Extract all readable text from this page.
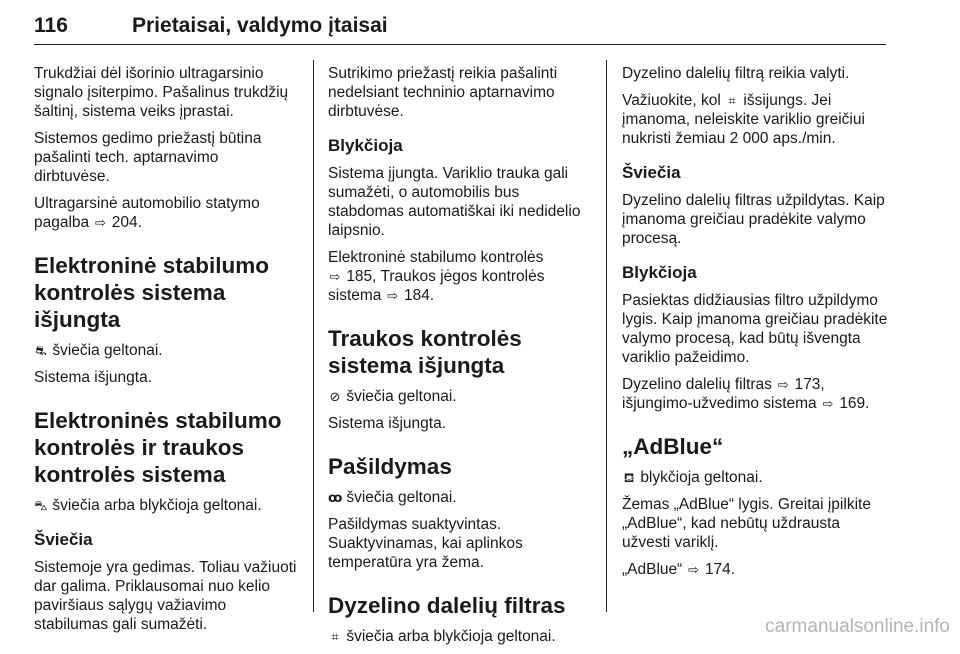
116	Prietaisai, valdymo įtaisai

Trukdžiai dėl išorinio ultragarsinio signalo įsiterpimo. Pašalinus trukdžių šaltinį, sistema veiks įprastai.

Sistemos gedimo priežastį būtina pašalinti tech. aptarnavimo dirbtuvėse.

Ultragarsinė automobilio statymo pagalba ⇨ 204.

Elektroninė stabilumo kontrolės sistema išjungta

⛐ šviečia geltonai.

Sistema išjungta.

Elektroninės stabilumo kontrolės ir traukos kontrolės sistema

⛍ šviečia arba blykčioja geltonai.

Šviečia

Sistemoje yra gedimas. Toliau važiuoti dar galima. Priklausomai nuo kelio paviršiaus sąlygų važiavimo stabilumas gali sumažėti.

Sutrikimo priežastį reikia pašalinti nedelsiant techninio aptarnavimo dirbtuvėse.

Blykčioja

Sistema įjungta. Variklio trauka gali sumažėti, o automobilis bus stabdomas automatiškai iki nedidelio laipsnio.

Elektroninė stabilumo kontrolės
⇨ 185, Traukos jėgos kontrolės
sistema ⇨ 184.

Traukos kontrolės sistema išjungta

⊘ šviečia geltonai.

Sistema išjungta.

Pašildymas

ꝏ šviečia geltonai.

Pašildymas suaktyvintas. Suaktyvinamas, kai aplinkos temperatūra yra žema.

Dyzelino dalelių filtras

⌗ šviečia arba blykčioja geltonai.

Dyzelino dalelių filtrą reikia valyti.

Važiuokite, kol ⌗ išsijungs. Jei įmanoma, neleiskite variklio greičiui nukristi žemiau 2 000 aps./min.

Šviečia

Dyzelino dalelių filtras užpildytas. Kaip įmanoma greičiau pradėkite valymo procesą.

Blykčioja

Pasiektas didžiausias filtro užpildymo lygis. Kaip įmanoma greičiau pradėkite valymo procesą, kad būtų išvengta variklio pažeidimo.

Dyzelino dalelių filtras ⇨ 173,
išjungimo-užvedimo sistema ⇨ 169.

„AdBlue“

⛾ blykčioja geltonai.

Žemas „AdBlue“ lygis. Greitai įpilkite „AdBlue“, kad nebūtų uždrausta užvesti variklį.

„AdBlue“ ⇨ 174.

carmanualsonline.info
